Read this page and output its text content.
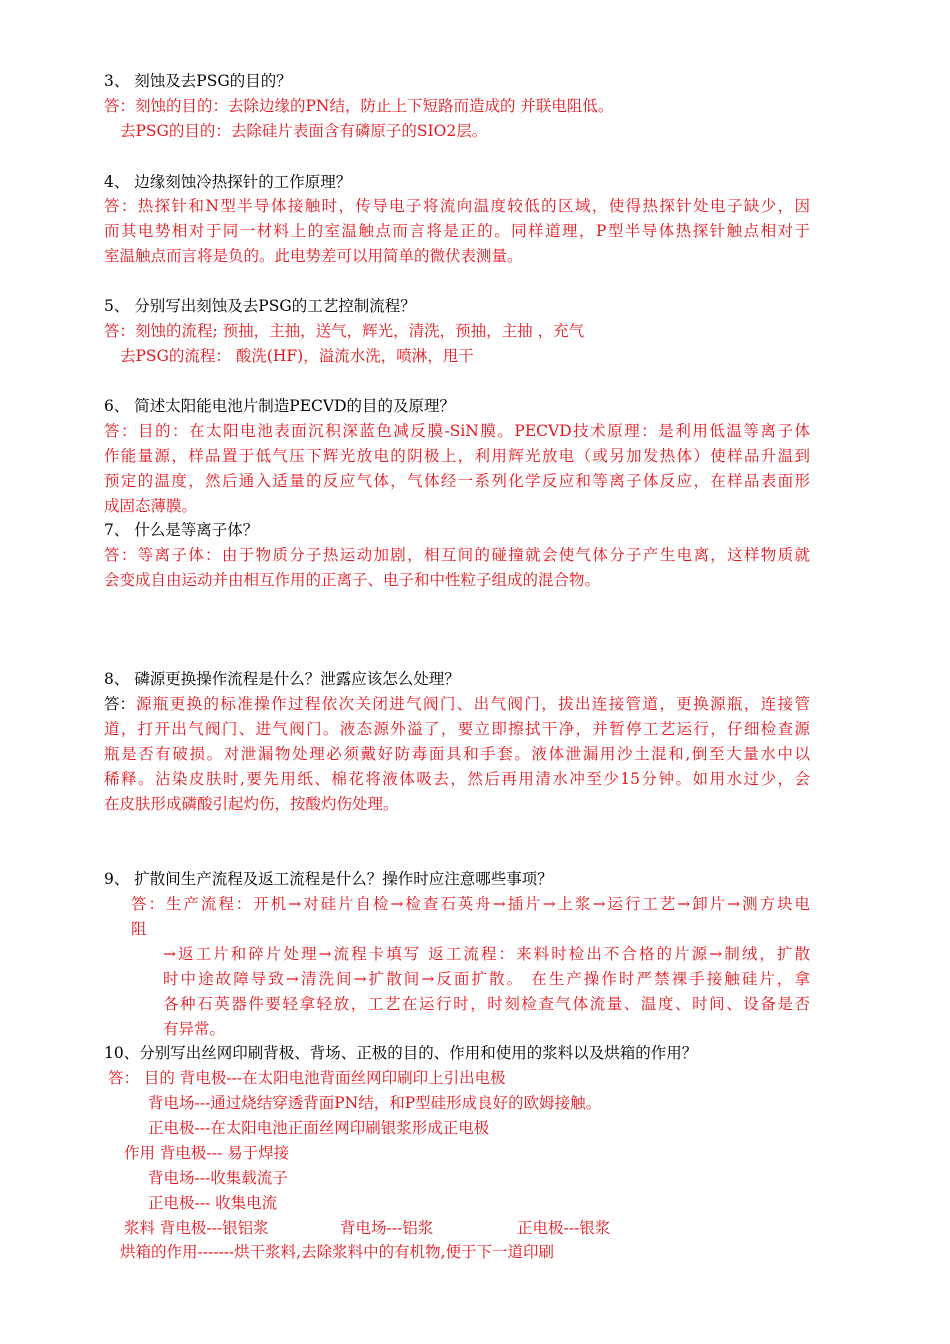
3、 刻蚀及去PSG的目的？
答：刻蚀的目的：去除边缘的PN结，防止上下短路而造成的 并联电阻低。
去PSG的目的：去除硅片表面含有磷原子的SIO2层。
4、 边缘刻蚀冷热探针的工作原理？
答：热探针和N型半导体接触时，传导电子将流向温度较低的区域，使得热探针处电子缺少，因
而其电势相对于同一材料上的室温触点而言将是正的。同样道理，P型半导体热探针触点相对于
室温触点而言将是负的。此电势差可以用简单的微伏表测量。
5、 分别写出刻蚀及去PSG的工艺控制流程？
答：刻蚀的流程; 预抽，主抽，送气，辉光，清洗，预抽，主抽 ，充气
去PSG的流程： 酸洗(HF)，溢流水洗，喷淋，甩干
6、 简述太阳能电池片制造PECVD的目的及原理？
答：目的：在太阳电池表面沉积深蓝色减反膜-SiN膜。PECVD技术原理：是利用低温等离子体
作能量源，样品置于低气压下辉光放电的阴极上，利用辉光放电（或另加发热体）使样品升温到
预定的温度，然后通入适量的反应气体，气体经一系列化学反应和等离子体反应，在样品表面形
成固态薄膜。
7、 什么是等离子体？
答：等离子体：由于物质分子热运动加剧，相互间的碰撞就会使气体分子产生电离，这样物质就
会变成自由运动并由相互作用的正离子、电子和中性粒子组成的混合物。
8、 磷源更换操作流程是什么？泄露应该怎么处理？
答： 源瓶更换的标准操作过程依次关闭进气阀门、出气阀门，拔出连接管道，更换源瓶，连接管
道，打开出气阀门、进气阀门。液态源外溢了，要立即擦拭干净，并暂停工艺运行，仔细检查源
瓶是否有破损。对泄漏物处理必须戴好防毒面具和手套。液体泄漏用沙土混和,倒至大量水中以
稀释。沾染皮肤时,要先用纸、棉花将液体吸去，然后再用清水冲至少15分钟。如用水过少，会
在皮肤形成磷酸引起灼伤，按酸灼伤处理。
9、 扩散间生产流程及返工流程是什么？操作时应注意哪些事项？
答：生产流程：开机→对硅片自检→检查石英舟→插片→上浆→运行工艺→卸片→测方块电
阻
→返工片和碎片处理→流程卡填写 返工流程：来料时检出不合格的片源→制绒，扩散
时中途故障导致→清洗间→扩散间→反面扩散。 在生产操作时严禁裸手接触硅片，拿
各种石英器件要轻拿轻放，工艺在运行时，时刻检查气体流量、温度、时间、设备是否
有异常。
10、分别写出丝网印刷背极、背场、正极的目的、作用和使用的浆料以及烘箱的作用？
答： 目的 背电极---在太阳电池背面丝网印刷印上引出电极
背电场---通过烧结穿透背面PN结，和P型硅形成良好的欧姆接触。
正电极---在太阳电池正面丝网印刷银浆形成正电极
作用 背电极--- 易于焊接
背电场---收集载流子
正电极--- 收集电流
浆料 背电极---银铝浆	背电场---铝浆	正电极---银浆
烘箱的作用-------烘干浆料,去除浆料中的有机物,便于下一道印刷
